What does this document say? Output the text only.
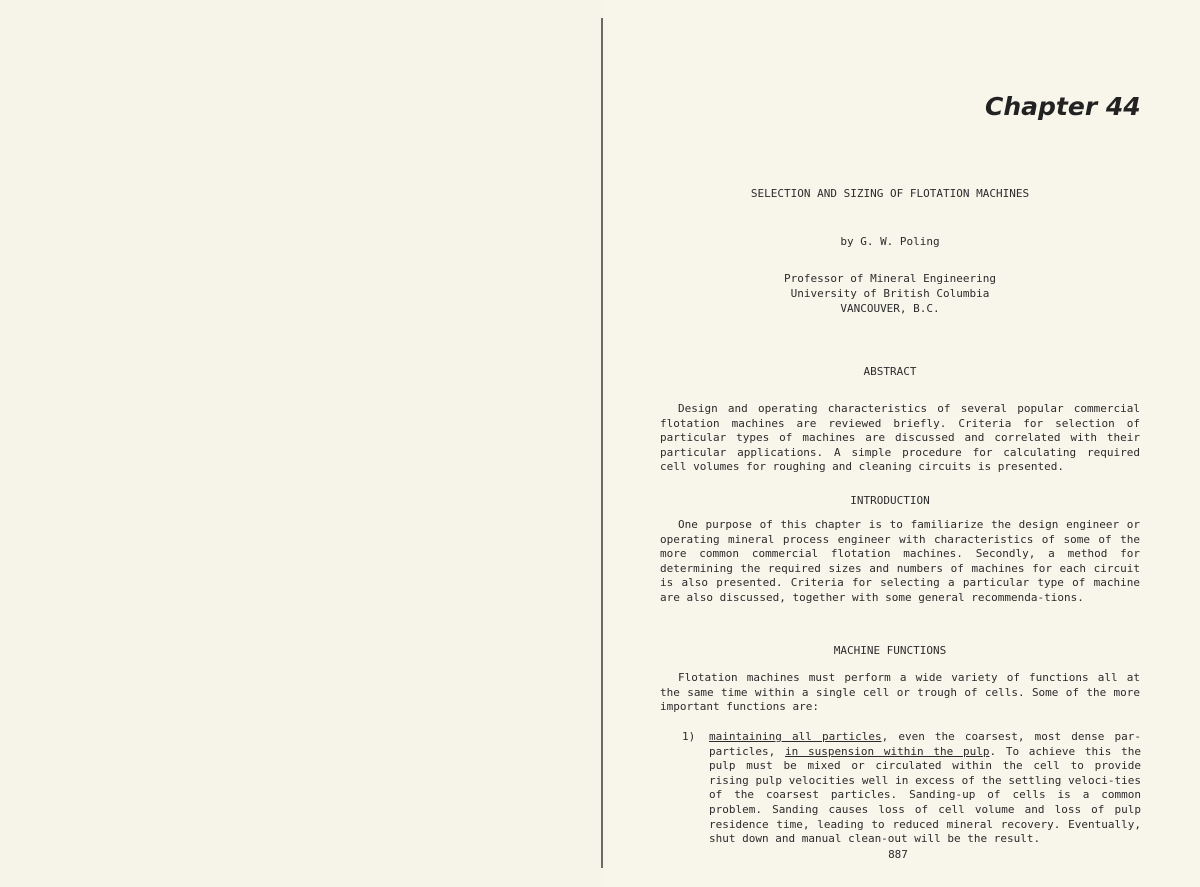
Chapter 44
SELECTION AND SIZING OF FLOTATION MACHINES
by G. W. Poling
Professor of Mineral Engineering
University of British Columbia
VANCOUVER, B.C.
ABSTRACT
Design and operating characteristics of several popular commercial flotation machines are reviewed briefly. Criteria for selection of particular types of machines are discussed and correlated with their particular applications. A simple procedure for calculating required cell volumes for roughing and cleaning circuits is presented.
INTRODUCTION
One purpose of this chapter is to familiarize the design engineer or operating mineral process engineer with characteristics of some of the more common commercial flotation machines. Secondly, a method for determining the required sizes and numbers of machines for each circuit is also presented. Criteria for selecting a particular type of machine are also discussed, together with some general recommenda-tions.
MACHINE FUNCTIONS
Flotation machines must perform a wide variety of functions all at the same time within a single cell or trough of cells. Some of the more important functions are:
1) maintaining all particles, even the coarsest, most dense par-particles, in suspension within the pulp. To achieve this the pulp must be mixed or circulated within the cell to provide rising pulp velocities well in excess of the settling veloci-ties of the coarsest particles. Sanding-up of cells is a common problem. Sanding causes loss of cell volume and loss of pulp residence time, leading to reduced mineral recovery. Eventually, shut down and manual clean-out will be the result.
887
